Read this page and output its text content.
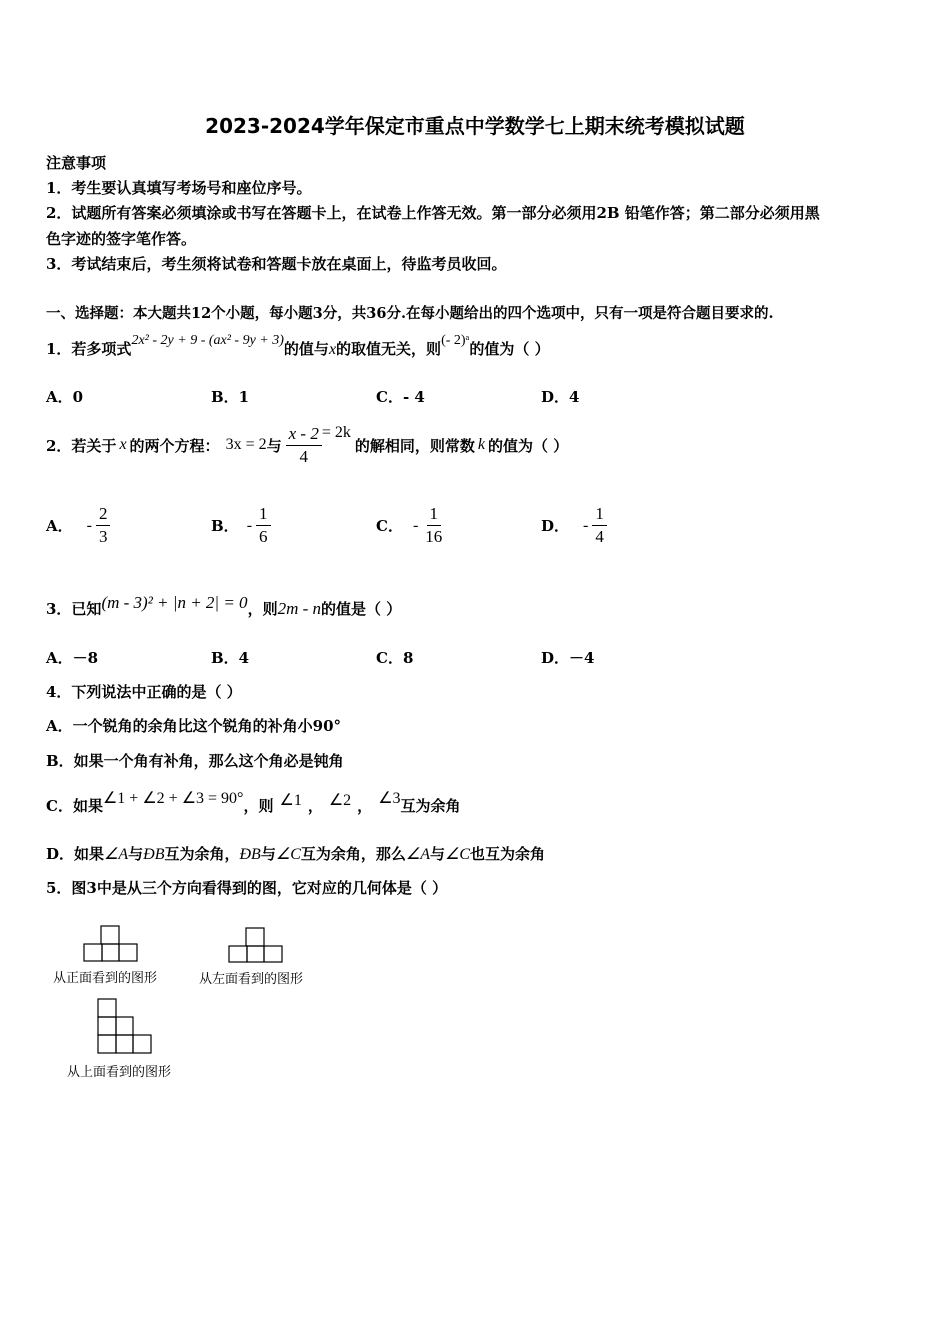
2023-2024学年保定市重点中学数学七上期末统考模拟试题
注意事项
1．考生要认真填写考场号和座位序号。
2．试题所有答案必须填涂或书写在答题卡上，在试卷上作答无效。第一部分必须用2B 铅笔作答；第二部分必须用黑
色字迹的签字笔作答。
3．考试结束后，考生须将试卷和答题卡放在桌面上，待监考员收回。
一、选择题：本大题共12个小题，每小题3分，共36分.在每小题给出的四个选项中，只有一项是符合题目要求的.
1．若多项式2x² - 2y + 9 - (ax² - 9y + 3)的值与x的取值无关，则(- 2)ᵃ的值为（ ）
A．0	B．1	C．- 4	D．4
2．若关于 x 的两个方程： 3x = 2 与 $\frac{x - 2}{4} = 2k$
的解相同，则常数 k 的值为（ ）
A． - $\frac{2}{3}$	B． - $\frac{1}{6}$	C． - $\frac{1}{16}$	D． - $\frac{1}{4}$
3．已知(m - 3)² + |n + 2| = 0，则2m - n的值是（ ）
A．－8	B．4	C．8	D．－4
4．下列说法中正确的是（ ）
A．一个锐角的余角比这个锐角的补角小90°
B．如果一个角有补角，那么这个角必是钝角
C．如果∠1 + ∠2 + ∠3 = 90°，则 ∠1 ， ∠2 ， ∠3互为余角
D．如果∠A与ÐB互为余角，ÐB与∠C互为余角，那么∠A与∠C也互为余角
5．图3中是从三个方向看得到的图，它对应的几何体是（ ）
从正面看到的图形	从左面看到的图形
从上面看到的图形
